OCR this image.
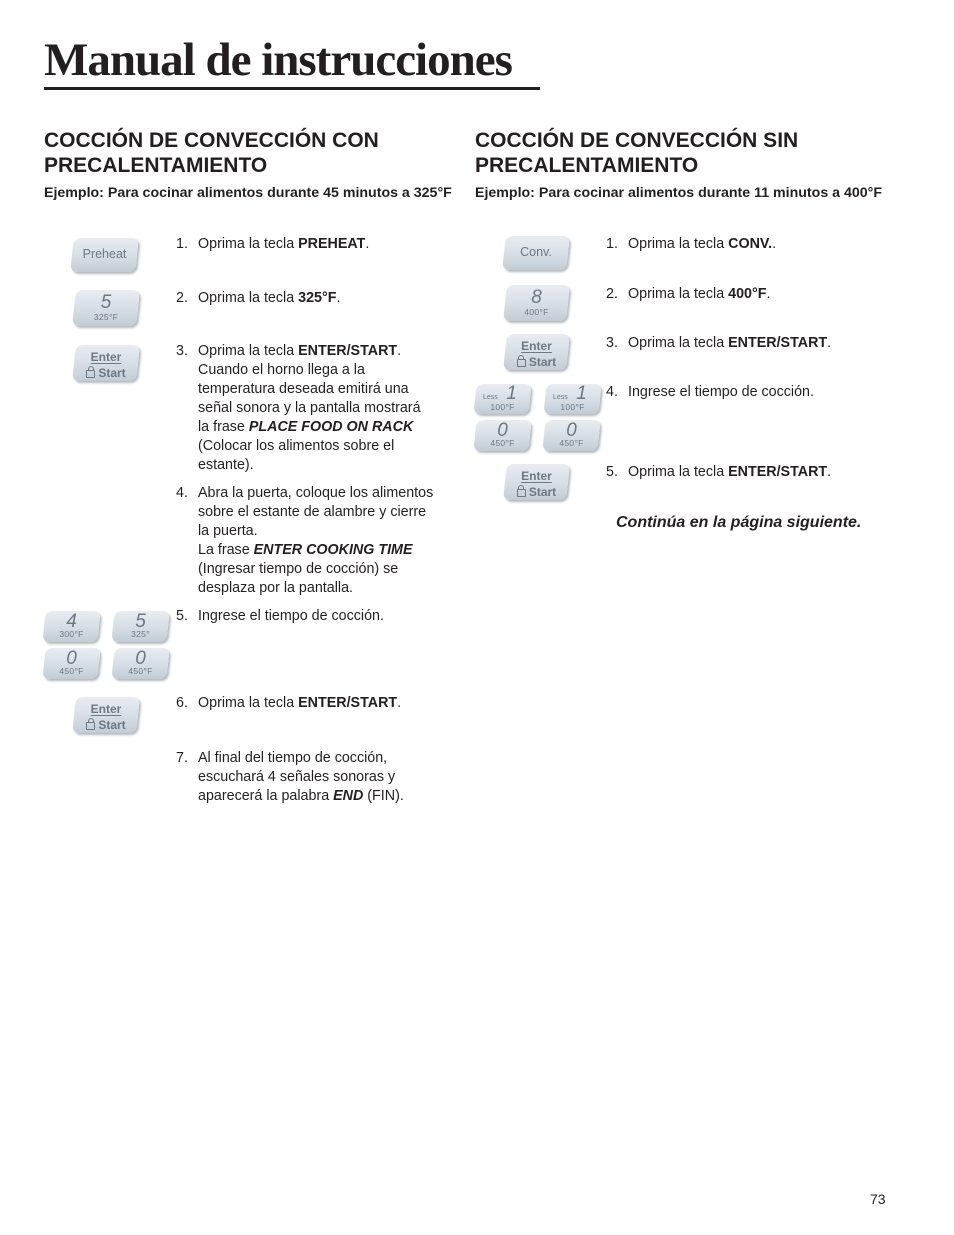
Manual de instrucciones
COCCIÓN DE CONVECCIÓN CON PRECALENTAMIENTO

Ejemplo: Para cocinar alimentos durante 45 minutos a 325°F

Preheat
5
325°F
Enter
Start
4
300°F
5
325°
0
450°F
0
450°F
Enter
Start
1. Oprima la tecla PREHEAT.
2. Oprima la tecla 325°F.
3. Oprima la tecla ENTER/START.
Cuando el horno llega a la
temperatura deseada emitirá una
señal sonora y la pantalla mostrará
la frase PLACE FOOD ON RACK
(Colocar los alimentos sobre el
estante).
4. Abra la puerta, coloque los alimentos
sobre el estante de alambre y cierre
la puerta.
La frase ENTER COOKING TIME
(Ingresar tiempo de cocción) se
desplaza por la pantalla.
5. Ingrese el tiempo de cocción.
6. Oprima la tecla ENTER/START.
7. Al final del tiempo de cocción,
escuchará 4 señales sonoras y
aparecerá la palabra END (FIN).
COCCIÓN DE CONVECCIÓN SIN PRECALENTAMIENTO

Ejemplo: Para cocinar alimentos durante 11 minutos a 400°F

Conv.
8
400°F
Enter
Start
Less 1
100°F
Less 1
100°F
0
450°F
0
450°F
Enter
Start
1. Oprima la tecla CONV..
2. Oprima la tecla 400°F.
3. Oprima la tecla ENTER/START.
4. Ingrese el tiempo de cocción.
5. Oprima la tecla ENTER/START.
Continúa en la página siguiente.
73
